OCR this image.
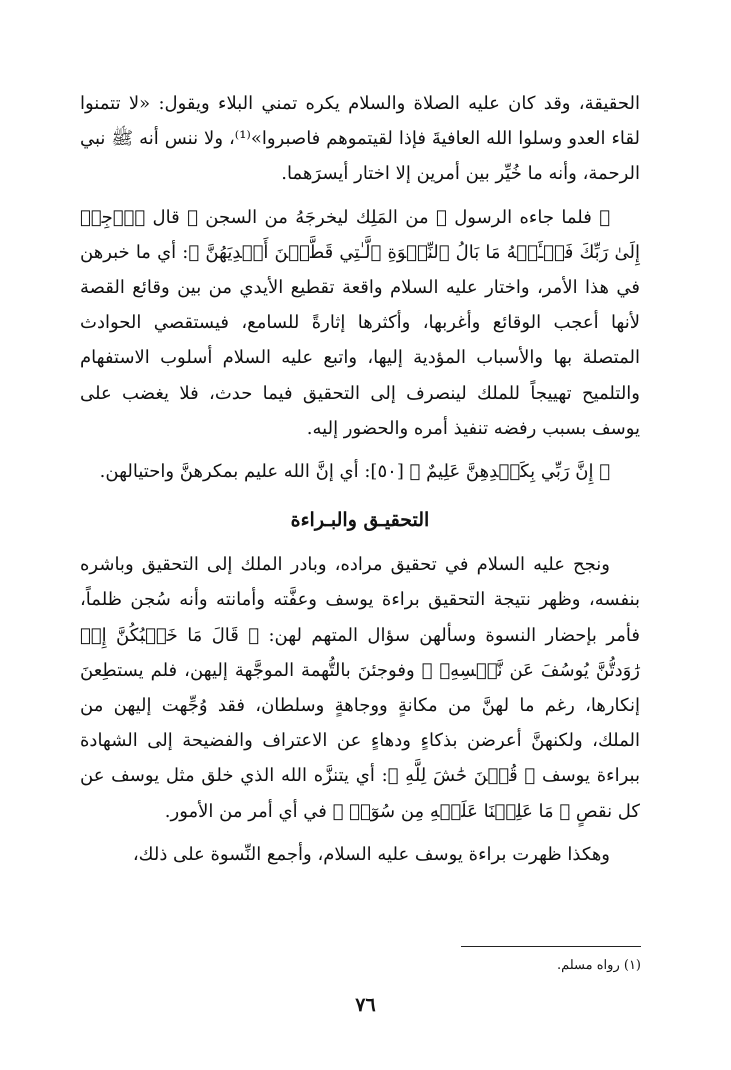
الحقيقة، وقد كان عليه الصلاة والسلام يكره تمني البلاء ويقول: «لا تتمنوا لقاء العدو وسلوا الله العافيةَ فإذا لقيتموهم فاصبروا»⁽¹⁾، ولا ننس أنه ﷺ نبي الرحمة، وأنه ما خُيِّر بين أمرين إلا اختار أيسرَهما.

﴿ فلما جاءه الرسول ﴾ من المَلِك ليخرجَهُ من السجن ﴿ قال ٱرۡجِعۡ إِلَىٰ رَبِّكَ فَسۡـَٔلۡهُ مَا بَالُ ٱلنِّسۡوَةِ ٱلَّـٰتِي قَطَّعۡنَ أَيۡدِيَهُنَّ ﴾: أي ما خبرهن في هذا الأمر، واختار عليه السلام واقعة تقطيع الأيدي من بين وقائع القصة لأنها أعجب الوقائع وأغربها، وأكثرها إثارةً للسامع، فيستقصي الحوادث المتصلة بها والأسباب المؤدية إليها، واتبع عليه السلام أسلوب الاستفهام والتلميح تهييجاً للملك لينصرف إلى التحقيق فيما حدث، فلا يغضب على يوسف بسبب رفضه تنفيذ أمره والحضور إليه.

﴿ إِنَّ رَبِّي بِكَيۡدِهِنَّ عَلِيمٌ ﴾ [٥٠]: أي إنَّ الله عليم بمكرهنَّ واحتيالهن.

التحقيـق والبـراءة

ونجح عليه السلام في تحقيق مراده، وبادر الملك إلى التحقيق وباشره بنفسه، وظهر نتيجة التحقيق براءة يوسف وعفَّته وأمانته وأنه سُجن ظلماً، فأمر بإحضار النسوة وسألهن سؤال المتهم لهن: ﴿ قَالَ مَا خَطۡبُكُنَّ إِذۡ رَٰوَدتُّنَّ يُوسُفَ عَن نَّفۡسِهِۦ ﴾ وفوجئنَ بالتُّهمة الموجَّهة إليهن، فلم يستطِعنَ إنكارها، رغم ما لهنَّ من مكانةٍ ووجاهةٍ وسلطان، فقد وُجِّهت إليهن من الملك، ولكنهنَّ أعرضن بذكاءٍ ودهاءٍ عن الاعتراف والفضيحة إلى الشهادة ببراءة يوسف ﴿ قُلۡنَ حَٰشَ لِلَّهِ ﴾: أي يتنزَّه الله الذي خلق مثل يوسف عن كل نقصٍ ﴿ مَا عَلِمۡنَا عَلَيۡهِ مِن سُوٓءٖ ﴾ في أي أمر من الأمور.

وهكذا ظهرت براءة يوسف عليه السلام، وأجمع النِّسوة على ذلك،

(١) رواه مسلم.
٧٦
